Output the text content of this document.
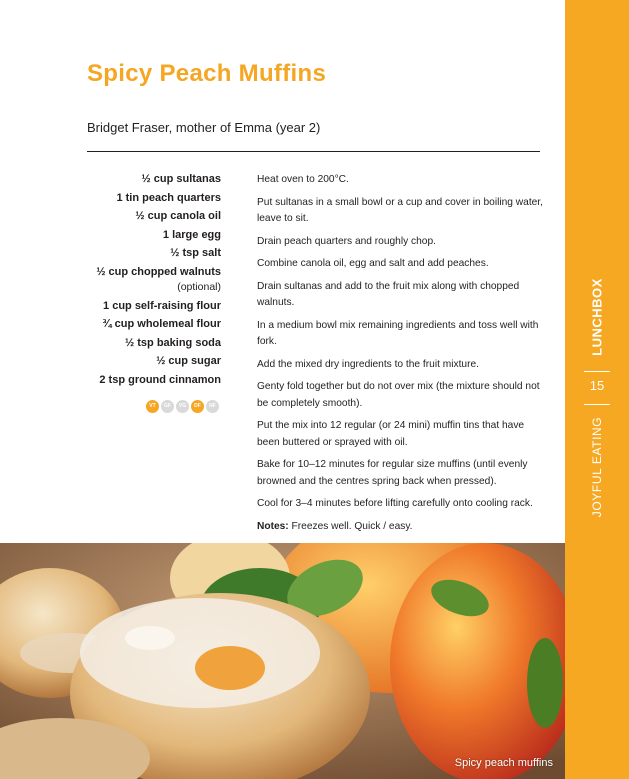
Spicy Peach Muffins
Bridget Fraser, mother of Emma (year 2)
½ cup sultanas
1 tin peach quarters
½ cup canola oil
1 large egg
½ tsp salt
½ cup chopped walnuts
(optional)
1 cup self-raising flour
¾ cup wholemeal flour
½ tsp baking soda
½ cup sugar
2 tsp ground cinnamon
VT	GF	VG	DF	NF
Heat oven to 200°C.
Put sultanas in a small bowl or a cup and cover in boiling water, leave to sit.
Drain peach quarters and roughly chop.
Combine canola oil, egg and salt and add peaches.
Drain sultanas and add to the fruit mix along with chopped walnuts.
In a medium bowl mix remaining ingredients and toss well with fork.
Add the mixed dry ingredients to the fruit mixture.
Genty fold together but do not over mix (the mixture should not be completely smooth).
Put the mix into 12 regular (or 24 mini) muffin tins that have been buttered or sprayed with oil.
Bake for 10–12 minutes for regular size muffins (until evenly browned and the centres spring back when pressed).
Cool for 3–4 minutes before lifting carefully onto cooling rack.
Notes: Freezes well. Quick / easy.
Spicy peach muffins
LUNCHBOX
15
JOYFUL EATING
